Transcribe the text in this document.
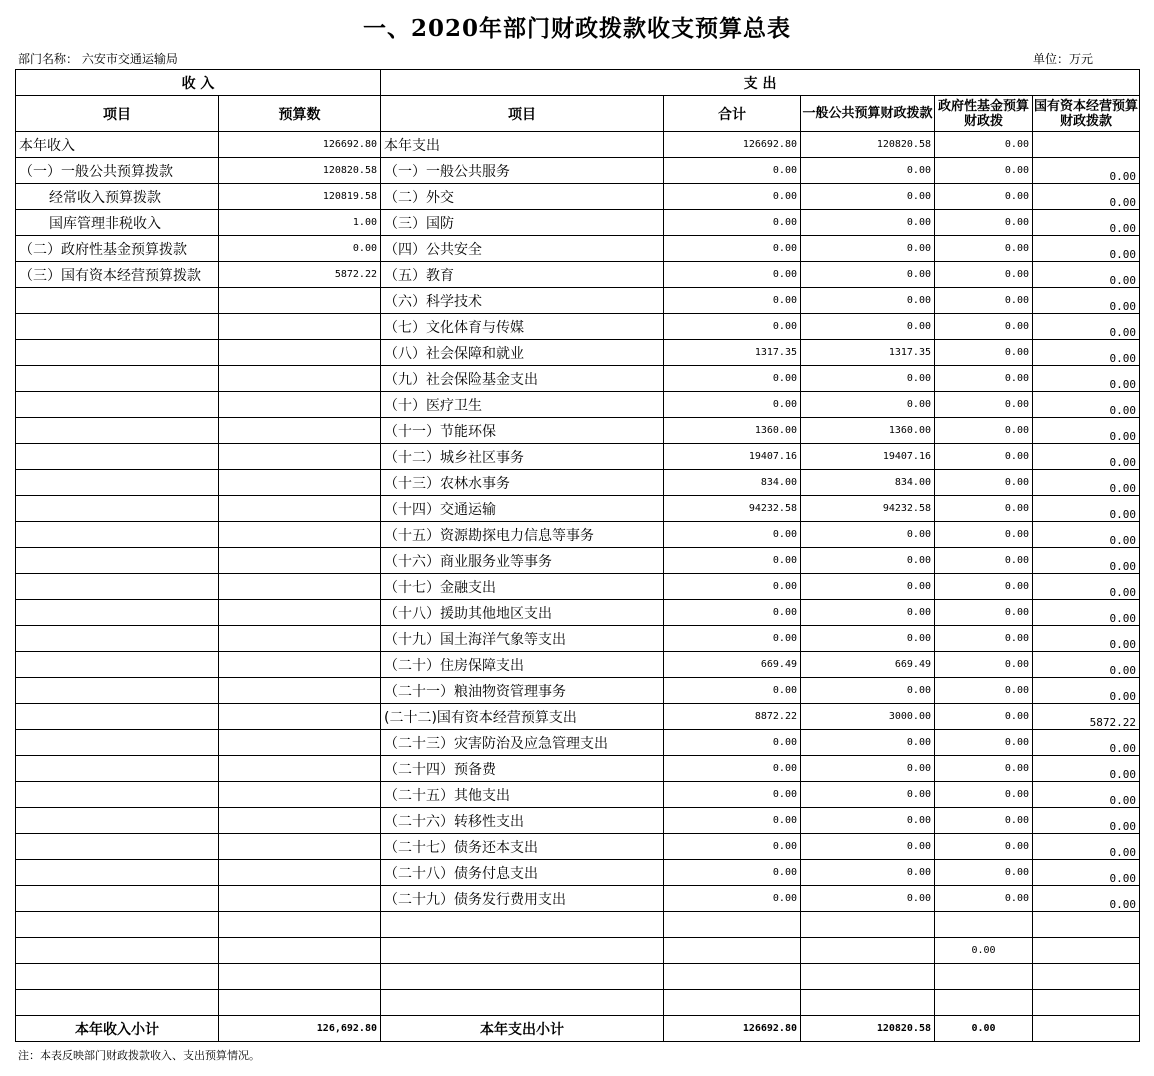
一、2020年部门财政拨款收支预算总表
部门名称： 六安市交通运输局	单位：万元
收 入		支 出				
项目	预算数	项目	合计	一般公共预算财政拨款	政府性基金预算财政拨	国有资本经营预算财政拨款
本年收入	126692.80	本年支出	126692.80	120820.58	0.00	
（一）一般公共预算拨款	120820.58	（一）一般公共服务	0.00	0.00	0.00	0.00
经常收入预算拨款	120819.58	（二）外交	0.00	0.00	0.00	0.00
国库管理非税收入	1.00	（三）国防	0.00	0.00	0.00	0.00
（二）政府性基金预算拨款	0.00	（四）公共安全	0.00	0.00	0.00	0.00
（三）国有资本经营预算拨款	5872.22	（五）教育	0.00	0.00	0.00	0.00
		（六）科学技术	0.00	0.00	0.00	0.00
		（七）文化体育与传媒	0.00	0.00	0.00	0.00
		（八）社会保障和就业	1317.35	1317.35	0.00	0.00
		（九）社会保险基金支出	0.00	0.00	0.00	0.00
		（十）医疗卫生	0.00	0.00	0.00	0.00
		（十一）节能环保	1360.00	1360.00	0.00	0.00
		（十二）城乡社区事务	19407.16	19407.16	0.00	0.00
		（十三）农林水事务	834.00	834.00	0.00	0.00
		（十四）交通运输	94232.58	94232.58	0.00	0.00
		（十五）资源勘探电力信息等事务	0.00	0.00	0.00	0.00
		（十六）商业服务业等事务	0.00	0.00	0.00	0.00
		（十七）金融支出	0.00	0.00	0.00	0.00
		（十八）援助其他地区支出	0.00	0.00	0.00	0.00
		（十九）国土海洋气象等支出	0.00	0.00	0.00	0.00
		（二十）住房保障支出	669.49	669.49	0.00	0.00
		（二十一）粮油物资管理事务	0.00	0.00	0.00	0.00
		(二十二)国有资本经营预算支出	8872.22	3000.00	0.00	5872.22
		（二十三）灾害防治及应急管理支出	0.00	0.00	0.00	0.00
		（二十四）预备费	0.00	0.00	0.00	0.00
		（二十五）其他支出	0.00	0.00	0.00	0.00
		（二十六）转移性支出	0.00	0.00	0.00	0.00
		（二十七）债务还本支出	0.00	0.00	0.00	0.00
		（二十八）债务付息支出	0.00	0.00	0.00	0.00
		（二十九）债务发行费用支出	0.00	0.00	0.00	0.00

					0.00	

本年收入小计	126,692.80	本年支出小计	126692.80	120820.58	0.00	
注：本表反映部门财政拨款收入、支出预算情况。
